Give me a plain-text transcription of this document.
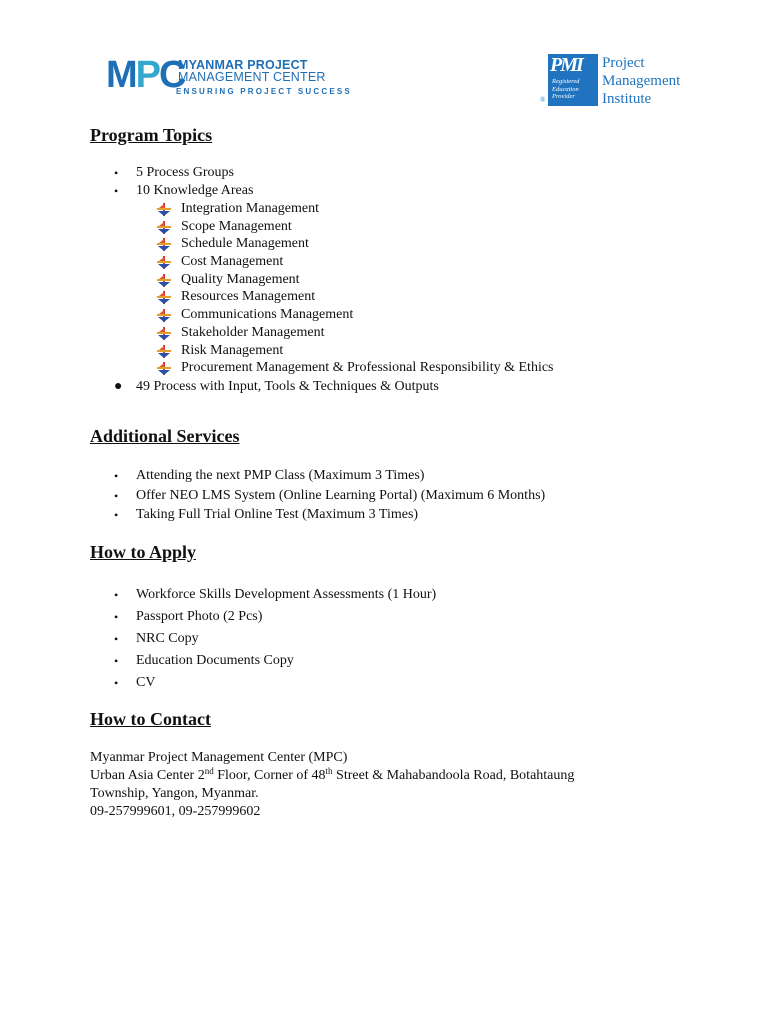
MPC
MYANMAR PROJECT
MANAGEMENT CENTER
ENSURING PROJECT SUCCESS
PMI
Registered
Education
Provider
®
Project
Management
Institute
Program Topics
• 5 Process Groups
• 10 Knowledge Areas
Integration Management
Scope Management
Schedule Management
Cost Management
Quality Management
Resources Management
Communications Management
Stakeholder Management
Risk Management
Procurement Management & Professional Responsibility & Ethics
● 49 Process with Input, Tools & Techniques & Outputs
Additional Services
• Attending the next PMP Class (Maximum 3 Times)
• Offer NEO LMS System (Online Learning Portal) (Maximum 6 Months)
• Taking Full Trial Online Test (Maximum 3 Times)
How to Apply
• Workforce Skills Development Assessments (1 Hour)
• Passport Photo (2 Pcs)
• NRC Copy
• Education Documents Copy
• CV
How to Contact
Myanmar Project Management Center (MPC)
Urban Asia Center 2nd Floor, Corner of 48th Street & Mahabandoola Road, Botahtaung
Township, Yangon, Myanmar.
09-257999601, 09-257999602
